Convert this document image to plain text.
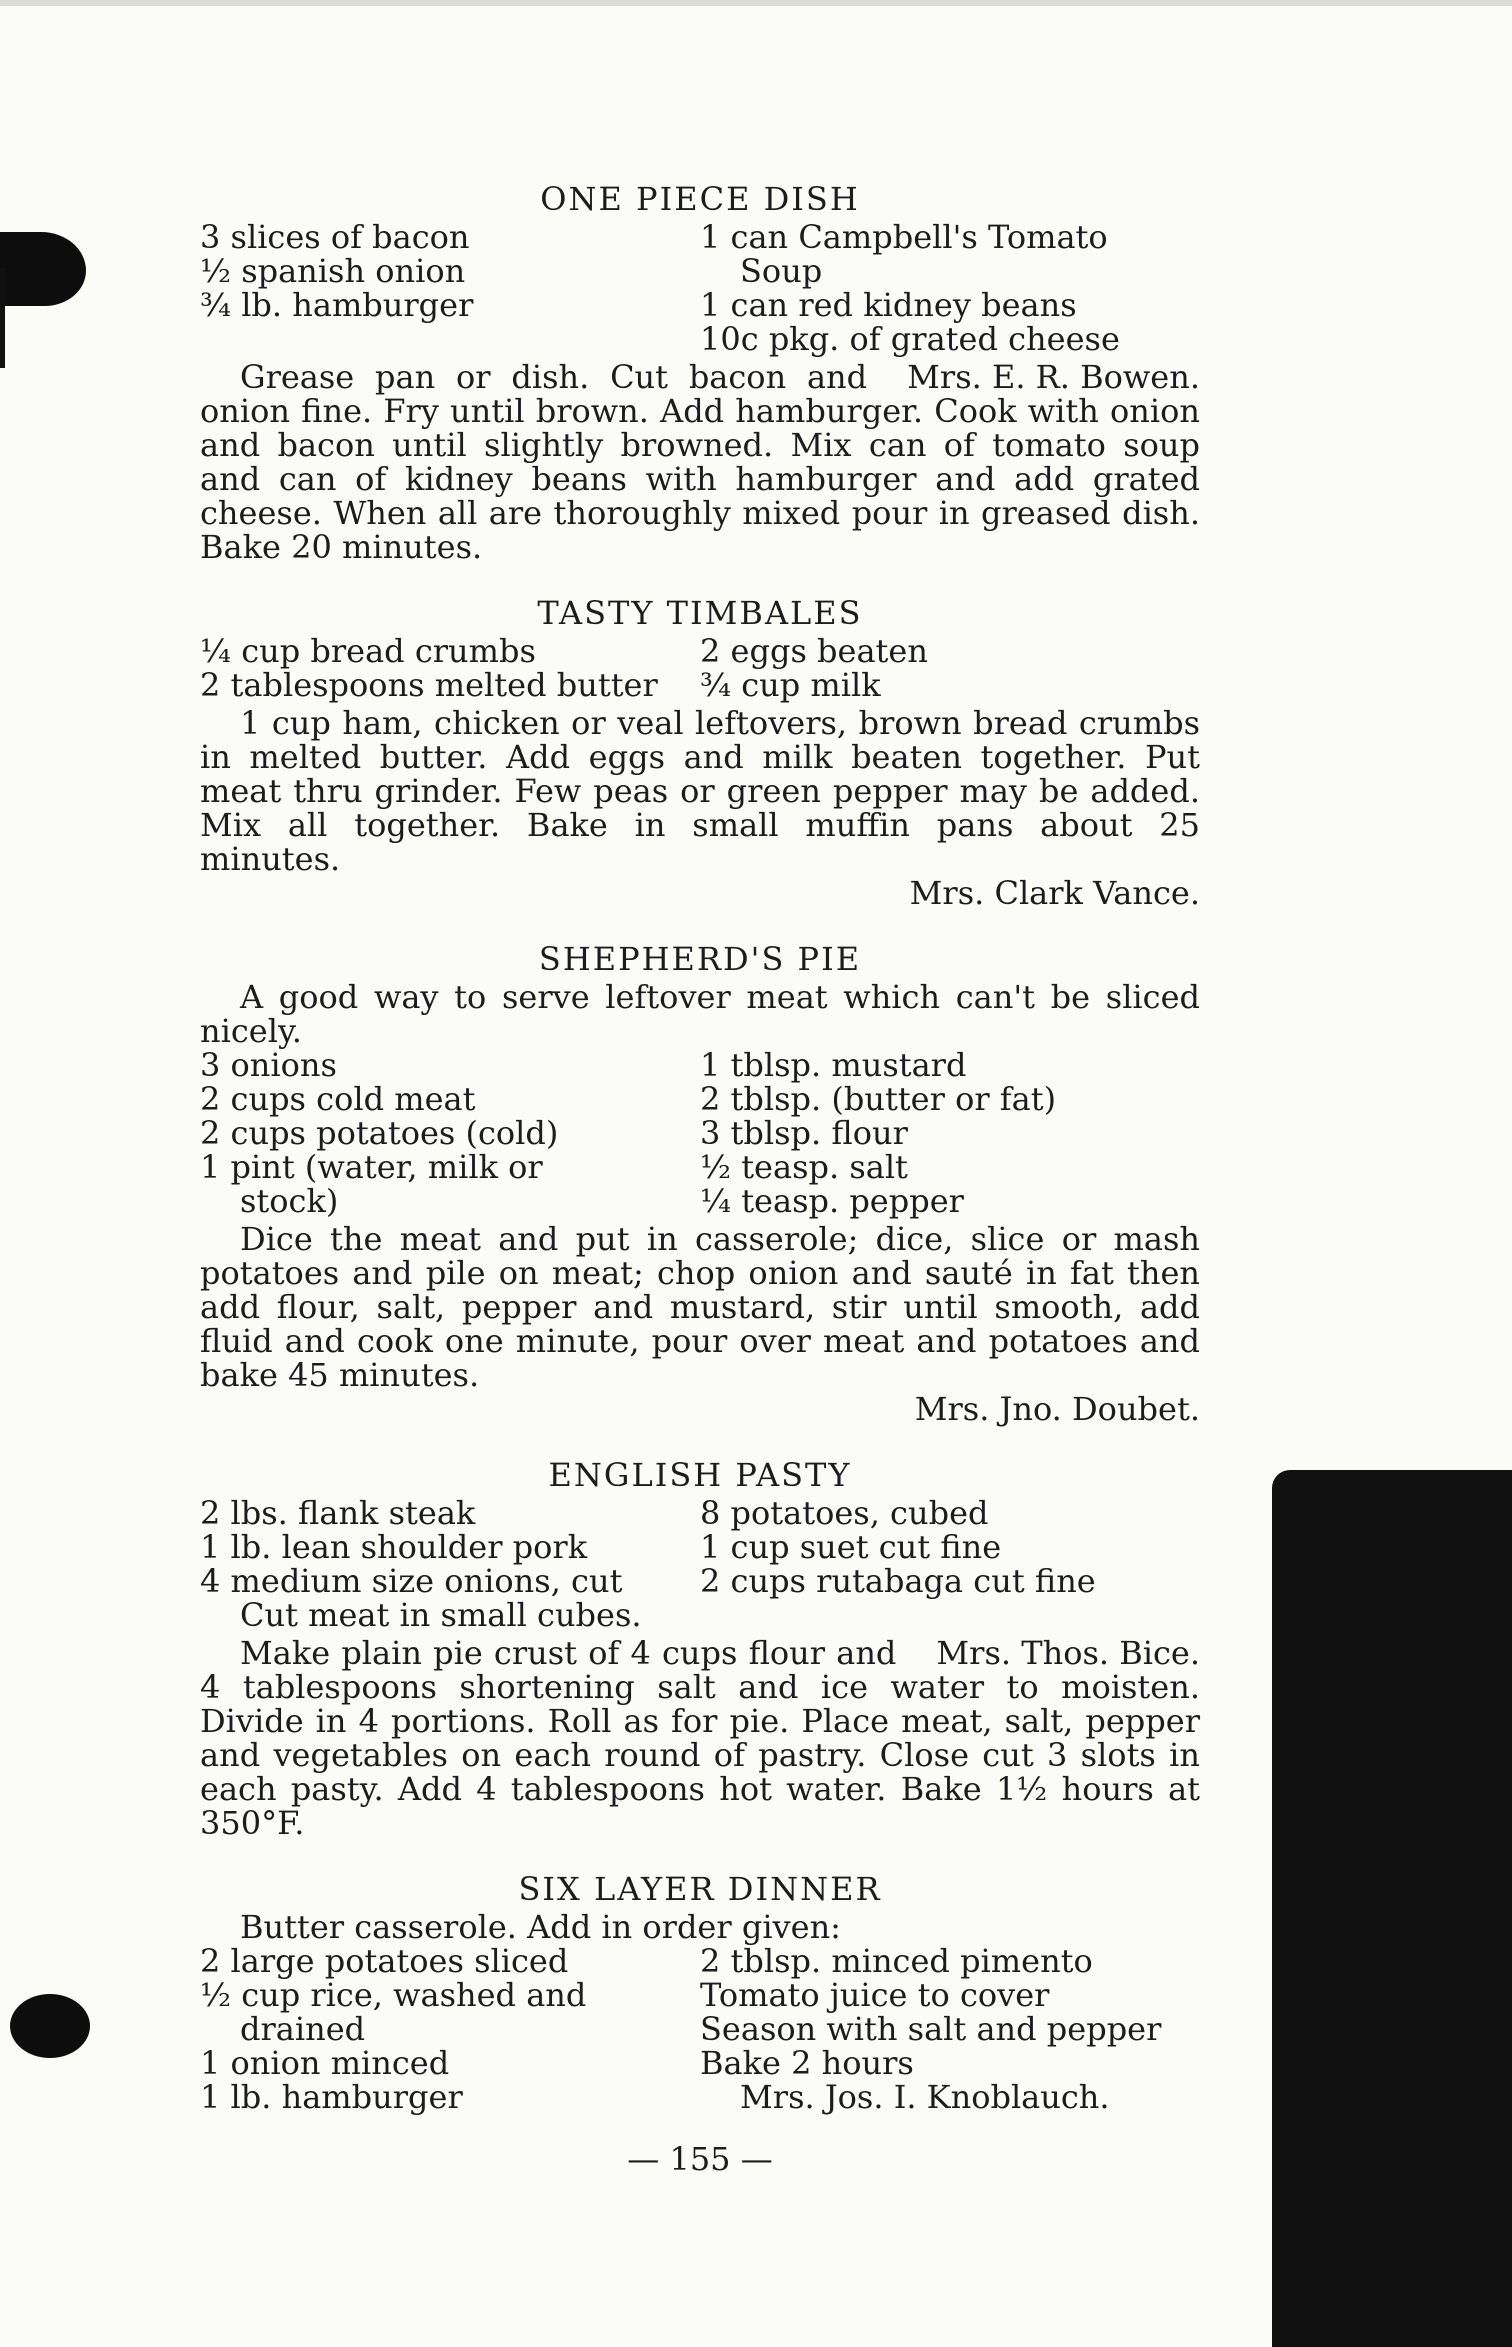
ONE PIECE DISH

3 slices of bacon

½ spanish onion

¾ lb. hamburger

1 can Campbell's Tomato

Soup

1 can red kidney beans

10c pkg. of grated cheese

Mrs. E. R. Bowen.
Grease pan or dish. Cut bacon and onion fine. Fry until brown. Add hamburger. Cook with onion and bacon until slightly browned. Mix can of tomato soup and can of kidney beans with hamburger and add grated cheese. When all are thoroughly mixed pour in greased dish. Bake 20 minutes.

TASTY TIMBALES

¼ cup bread crumbs

2 tablespoons melted butter

2 eggs beaten

¾ cup milk

1 cup ham, chicken or veal leftovers, brown bread crumbs in melted butter. Add eggs and milk beaten together. Put meat thru grinder. Few peas or green pepper may be added. Mix all together. Bake in small muffin pans about 25 minutes.

Mrs. Clark Vance.

SHEPHERD'S PIE

A good way to serve leftover meat which can't be sliced nicely.

3 onions

2 cups cold meat

2 cups potatoes (cold)

1 pint (water, milk or

stock)

1 tblsp. mustard

2 tblsp. (butter or fat)

3 tblsp. flour

½ teasp. salt

¼ teasp. pepper

Dice the meat and put in casserole; dice, slice or mash potatoes and pile on meat; chop onion and sauté in fat then add flour, salt, pepper and mustard, stir until smooth, add fluid and cook one minute, pour over meat and potatoes and bake 45 minutes.

Mrs. Jno. Doubet.

ENGLISH PASTY

2 lbs. flank steak

1 lb. lean shoulder pork

4 medium size onions, cut

8 potatoes, cubed

1 cup suet cut fine

2 cups rutabaga cut fine

Cut meat in small cubes.

Mrs. Thos. Bice.
Make plain pie crust of 4 cups flour and 4 tablespoons shortening salt and ice water to moisten. Divide in 4 portions. Roll as for pie. Place meat, salt, pepper and vegetables on each round of pastry. Close cut 3 slots in each pasty. Add 4 tablespoons hot water. Bake 1½ hours at 350°F.

SIX LAYER DINNER

Butter casserole. Add in order given:

2 large potatoes sliced

½ cup rice, washed and

drained

1 onion minced

1 lb. hamburger

2 tblsp. minced pimento

Tomato juice to cover

Season with salt and pepper

Bake 2 hours

Mrs. Jos. I. Knoblauch.

— 155 —
